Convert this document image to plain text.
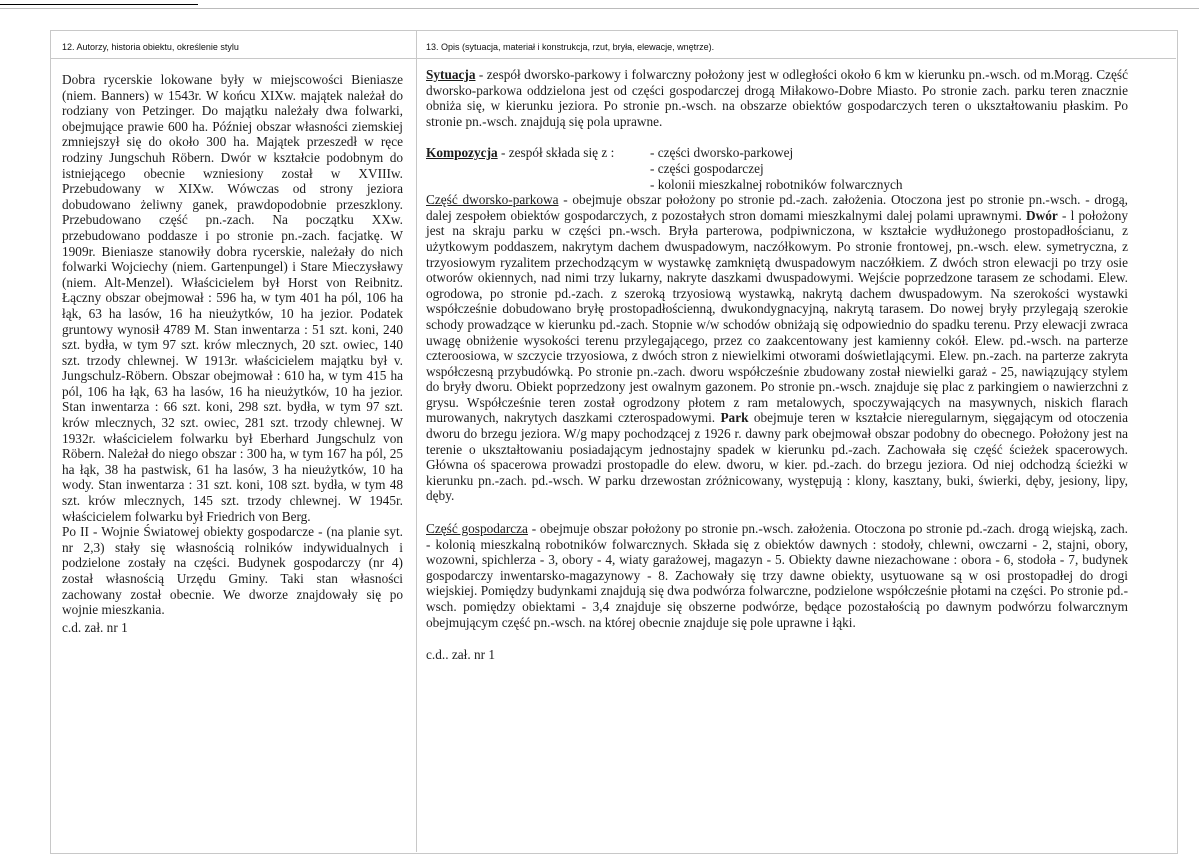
12. Autorzy, historia obiektu, określenie stylu	13. Opis (sytuacja, materiał i konstrukcja, rzut, bryła, elewacje, wnętrze).
Dobra rycerskie lokowane były w miejscowości Bieniasze (niem. Banners) w 1543r. W końcu XIXw. majątek należał do rodziany von Petzinger. Do majątku należały dwa folwarki, obejmujące prawie 600 ha. Później obszar własności ziemskiej zmniejszył się do około 300 ha. Majątek przeszedł w ręce rodziny Jungschuh Röbern. Dwór w kształcie podobnym do istniejącego obecnie wzniesiony został w XVIIIw. Przebudowany w XIXw. Wówczas od strony jeziora dobudowano żeliwny ganek, prawdopodobnie przeszklony. Przebudowano część pn.-zach. Na początku XXw. przebudowano poddasze i po stronie pn.-zach. facjatkę. W 1909r. Bieniasze stanowiły dobra rycerskie, należały do nich folwarki Wojciechy (niem. Gartenpungel) i Stare Mieczysławy (niem. Alt-Menzel). Właścicielem był Horst von Reibnitz. Łączny obszar obejmował : 596 ha, w tym 401 ha pól, 106 ha łąk, 63 ha lasów, 16 ha nieużytków, 10 ha jezior. Podatek gruntowy wynosił 4789 M. Stan inwentarza : 51 szt. koni, 240 szt. bydła, w tym 97 szt. krów mlecznych, 20 szt. owiec, 140 szt. trzody chlewnej. W 1913r. właścicielem majątku był v. Jungschulz-Röbern. Obszar obejmował : 610 ha, w tym 415 ha pól, 106 ha łąk, 63 ha lasów, 16 ha nieużytków, 10 ha jezior. Stan inwentarza : 66 szt. koni, 298 szt. bydła, w tym 97 szt. krów mlecznych, 32 szt. owiec, 281 szt. trzody chlewnej. W 1932r. właścicielem folwarku był Eberhard Jungschulz von Röbern. Należał do niego obszar : 300 ha, w tym 167 ha pól, 25 ha łąk, 38 ha pastwisk, 61 ha lasów, 3 ha nieużytków, 10 ha wody. Stan inwentarza : 31 szt. koni, 108 szt. bydła, w tym 48 szt. krów mlecznych, 145 szt. trzody chlewnej. W 1945r. właścicielem folwarku był Friedrich von Berg.
Po II - Wojnie Światowej obiekty gospodarcze - (na planie syt. nr 2,3) stały się własnością rolników indywidualnych i podzielone zostały na części. Budynek gospodarczy (nr 4) został własnością Urzędu Gminy. Taki stan własności zachowany został obecnie. We dworze znajdowały się po wojnie mieszkania.
c.d. zał. nr 1

Sytuacja - zespół dworsko-parkowy i folwarczny położony jest w odległości około 6 km w kierunku pn.-wsch. od m.Morąg. Część dworsko-parkowa oddzielona jest od części gospodarczej drogą Miłakowo-Dobre Miasto. Po stronie zach. parku teren znacznie obniża się, w kierunku jeziora. Po stronie pn.-wsch. na obszarze obiektów gospodarczych teren o ukształtowaniu płaskim. Po stronie pn.-wsch. znajdują się pola uprawne.

Kompozycja - zespół składa się z :	- części dworsko-parkowej
- części gospodarczej
- kolonii mieszkalnej robotników folwarcznych

Część dworsko-parkowa - obejmuje obszar położony po stronie pd.-zach. założenia. Otoczona jest po stronie pn.-wsch. - drogą, dalej zespołem obiektów gospodarczych, z pozostałych stron domami mieszkalnymi dalej polami uprawnymi. Dwór - l położony jest na skraju parku w części pn.-wsch. Bryła parterowa, podpiwniczona, w kształcie wydłużonego prostopadłościanu, z użytkowym poddaszem, nakrytym dachem dwuspadowym, naczółkowym. Po stronie frontowej, pn.-wsch. elew. symetryczna, z trzyosiowym ryzalitem przechodzącym w wystawkę zamkniętą dwuspadowym naczółkiem. Z dwóch stron elewacji po trzy osie otworów okiennych, nad nimi trzy lukarny, nakryte daszkami dwuspadowymi. Wejście poprzedzone tarasem ze schodami. Elew. ogrodowa, po stronie pd.-zach. z szeroką trzyosiową wystawką, nakrytą dachem dwuspadowym. Na szerokości wystawki współcześnie dobudowano bryłę prostopadłościenną, dwukondygnacyjną, nakrytą tarasem. Do nowej bryły przylegają szerokie schody prowadzące w kierunku pd.-zach. Stopnie w/w schodów obniżają się odpowiednio do spadku terenu. Przy elewacji zwraca uwagę obniżenie wysokości terenu przylegającego, przez co zaakcentowany jest kamienny cokół. Elew. pd.-wsch. na parterze czteroosiowa, w szczycie trzyosiowa, z dwóch stron z niewielkimi otworami doświetlającymi. Elew. pn.-zach. na parterze zakryta współczesną przybudówką. Po stronie pn.-zach. dworu współcześnie zbudowany został niewielki garaż - 25, nawiązujący stylem do bryły dworu. Obiekt poprzedzony jest owalnym gazonem. Po stronie pn.-wsch. znajduje się plac z parkingiem o nawierzchni z grysu. Współcześnie teren został ogrodzony płotem z ram metalowych, spoczywających na masywnych, niskich flarach murowanych, nakrytych daszkami czterospadowymi. Park obejmuje teren w kształcie nieregularnym, sięgającym od otoczenia dworu do brzegu jeziora. W/g mapy pochodzącej z 1926 r. dawny park obejmował obszar podobny do obecnego. Położony jest na terenie o ukształtowaniu posiadającym jednostajny spadek w kierunku pd.-zach. Zachowała się część ścieżek spacerowych. Główna oś spacerowa prowadzi prostopadle do elew. dworu, w kier. pd.-zach. do brzegu jeziora. Od niej odchodzą ścieżki w kierunku pn.-zach. pd.-wsch. W parku drzewostan zróżnicowany, występują : klony, kasztany, buki, świerki, dęby, jesiony, lipy, dęby.

Część gospodarcza - obejmuje obszar położony po stronie pn.-wsch. założenia. Otoczona po stronie pd.-zach. drogą wiejską, zach. - kolonią mieszkalną robotników folwarcznych. Składa się z obiektów dawnych : stodoły, chlewni, owczarni - 2, stajni, obory, wozowni, spichlerza - 3, obory - 4, wiaty garażowej, magazyn - 5. Obiekty dawne niezachowane : obora - 6, stodoła - 7, budynek gospodarczy inwentarsko-magazynowy - 8. Zachowały się trzy dawne obiekty, usytuowane są w osi prostopadłej do drogi wiejskiej. Pomiędzy budynkami znajdują się dwa podwórza folwarczne, podzielone współcześnie płotami na części. Po stronie pd.-wsch. pomiędzy obiektami - 3,4 znajduje się obszerne podwórze, będące pozostałością po dawnym podwórzu folwarcznym obejmującym część pn.-wsch. na której obecnie znajduje się pole uprawne i łąki.

c.d.. zał. nr 1
